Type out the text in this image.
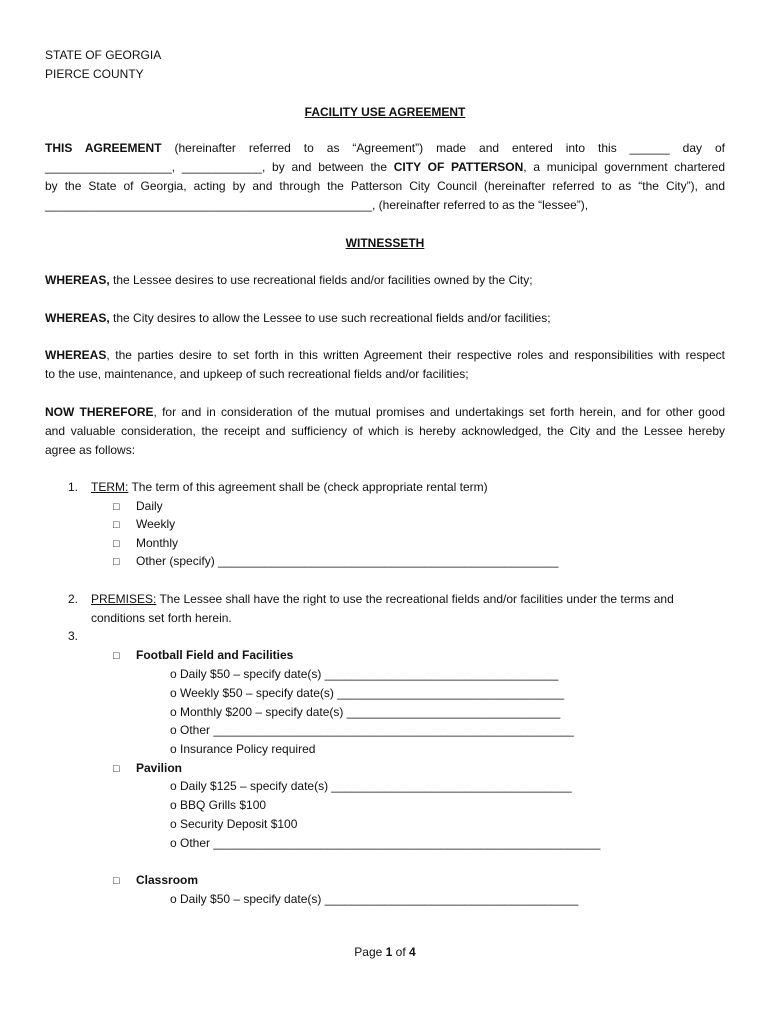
STATE OF GEORGIA
PIERCE COUNTY
FACILITY USE AGREEMENT
THIS AGREEMENT (hereinafter referred to as “Agreement”) made and entered into this ______ day of
___________________, ____________, by and between the CITY OF PATTERSON, a municipal government chartered
by the State of Georgia, acting by and through the Patterson City Council (hereinafter referred to as “the City”), and
_________________________________________________, (hereinafter referred to as the “lessee”),
WITNESSETH
WHEREAS, the Lessee desires to use recreational fields and/or facilities owned by the City;
WHEREAS, the City desires to allow the Lessee to use such recreational fields and/or facilities;
WHEREAS, the parties desire to set forth in this written Agreement their respective roles and responsibilities with respect
to the use, maintenance, and upkeep of such recreational fields and/or facilities;
NOW THEREFORE, for and in consideration of the mutual promises and undertakings set forth herein, and for other good
and valuable consideration, the receipt and sufficiency of which is hereby acknowledged, the City and the Lessee hereby
agree as follows:
1. TERM: The term of this agreement shall be (check appropriate rental term)
□ Daily
□ Weekly
□ Monthly
□ Other (specify) ___________________________________________________
2. PREMISES: The Lessee shall have the right to use the recreational fields and/or facilities under the terms and
conditions set forth herein.
3.
□ Football Field and Facilities
o Daily $50 – specify date(s) ___________________________________
o Weekly $50 – specify date(s) __________________________________
o Monthly $200 – specify date(s) ________________________________
o Other ______________________________________________________
o Insurance Policy required
□ Pavilion
o Daily $125 – specify date(s) ____________________________________
o BBQ Grills $100
o Security Deposit $100
o Other __________________________________________________________
□ Classroom
o Daily $50 – specify date(s) ______________________________________
Page 1 of 4
